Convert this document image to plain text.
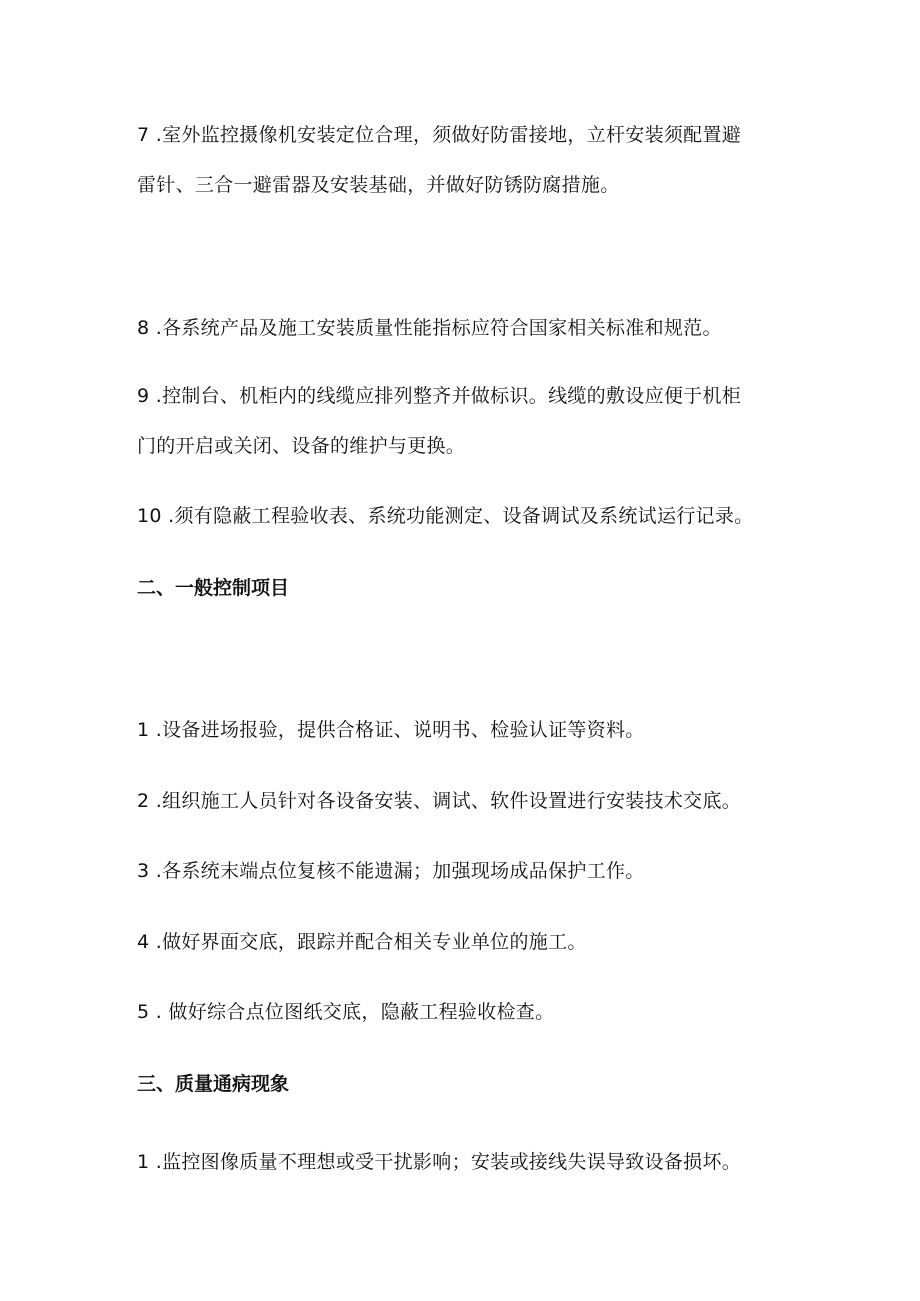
7 .室外监控摄像机安装定位合理，须做好防雷接地，立杆安装须配置避
雷针、三合一避雷器及安装基础，并做好防锈防腐措施。
8 .各系统产品及施工安装质量性能指标应符合国家相关标准和规范。
9 .控制台、机柜内的线缆应排列整齐并做标识。线缆的敷设应便于机柜
门的开启或关闭、设备的维护与更换。
10 .须有隐蔽工程验收表、系统功能测定、设备调试及系统试运行记录。
二、一般控制项目
1 .设备进场报验，提供合格证、说明书、检验认证等资料。
2 .组织施工人员针对各设备安装、调试、软件设置进行安装技术交底。
3 .各系统末端点位复核不能遗漏；加强现场成品保护工作。
4 .做好界面交底，跟踪并配合相关专业单位的施工。
5 . 做好综合点位图纸交底，隐蔽工程验收检查。
三、质量通病现象
1 .监控图像质量不理想或受干扰影响；安装或接线失误导致设备损坏。
